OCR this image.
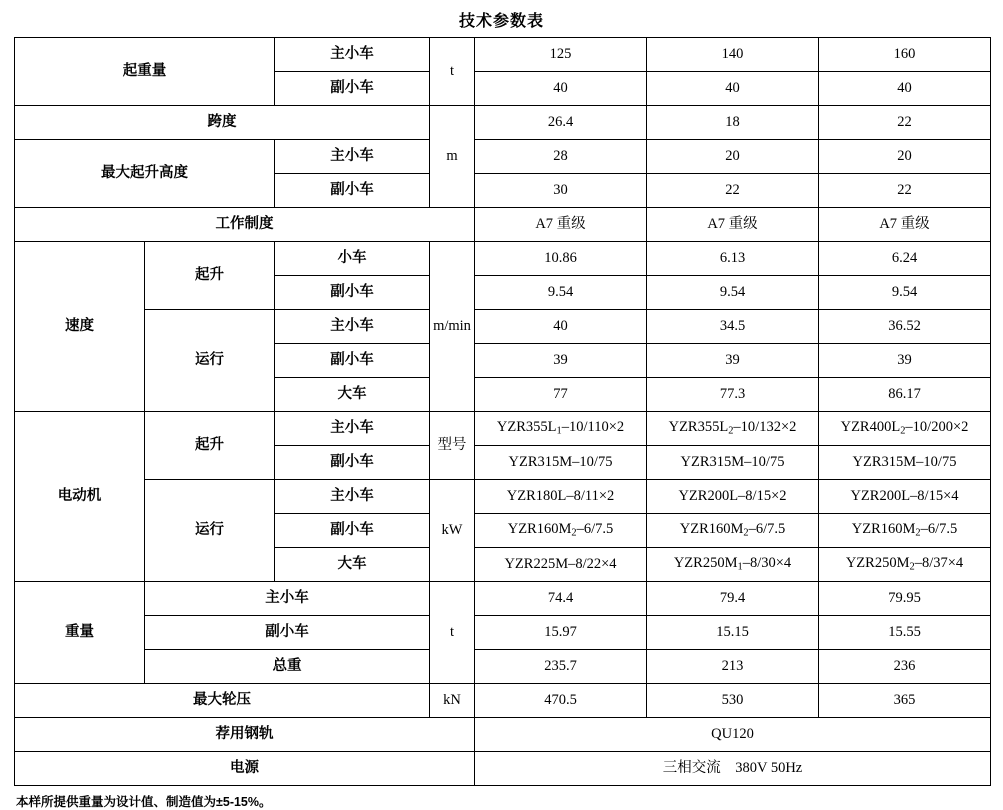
技术参数表
起重量		主小车	t	125	140	160
		副小车		40	40	40
跨度			m	26.4	18	22
最大起升高度		主小车		28	20	20
		副小车		30	22	22
工作制度				A7 重级	A7 重级	A7 重级
速度	起升	小车	m/min	10.86	6.13	6.24
		副小车		9.54	9.54	9.54
	运行	主小车		40	34.5	36.52
		副小车		39	39	39
		大车		77	77.3	86.17
电动机	起升	主小车	型号	$YZR355L_1-10/110\times 2$	$YZR355L_2-10/132\times 2$	$YZR400L_2-10/200\times 2$
		副小车		YZR315M–10/75	YZR315M–10/75	YZR315M–10/75
	运行	主小车	kW	YZR180L–8/11×2	YZR200L–8/15×2	YZR200L–8/15×4
		副小车		$YZR160M_2-6/7.5$	$YZR160M_2-6/7.5$	$YZR160M_2-6/7.5$
		大车		YZR225M–8/22×4	$YZR250M_1-8/30\times 4$	$YZR250M_2-8/37\times 4$
重量	主小车		t	74.4	79.4	79.95
	副小车			15.97	15.15	15.55
	总重			235.7	213	236
最大轮压			kN	470.5	530	365
荐用钢轨				QU120		
电源				三相交流　380V 50Hz		
本样所提供重量为设计值、制造值为±5-15%。
